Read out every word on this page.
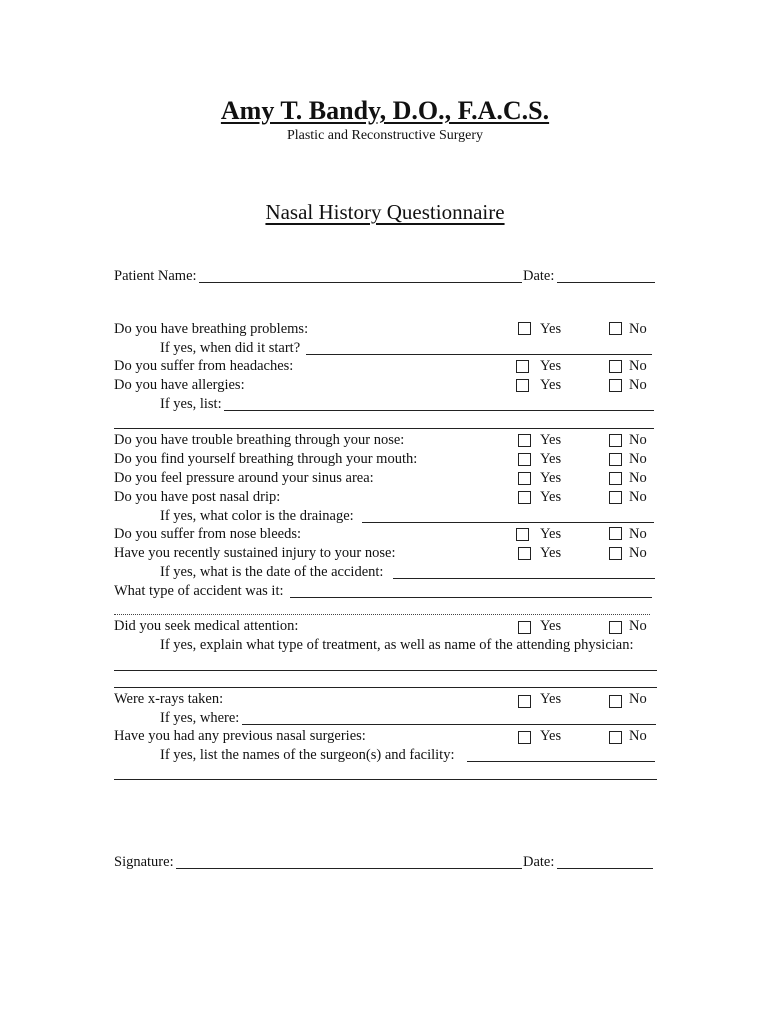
Amy T. Bandy, D.O., F.A.C.S.
Plastic and Reconstructive Surgery
Nasal History Questionnaire
Patient Name:	Date:
Do you have breathing problems:	Yes	No
If yes, when did it start?
Do you suffer from headaches:	Yes	No
Do you have allergies:	Yes	No
If yes, list:
Do you have trouble breathing through your nose:	Yes	No
Do you find yourself breathing through your mouth:	Yes	No
Do you feel pressure around your sinus area:	Yes	No
Do you have post nasal drip:	Yes	No
If yes, what color is the drainage:
Do you suffer from nose bleeds:	Yes	No
Have you recently sustained injury to your nose:	Yes	No
If yes, what is the date of the accident:
What type of accident was it:
Did you seek medical attention:	Yes	No
If yes, explain what type of treatment, as well as name of the attending physician:
Were x-rays taken:	Yes	No
If yes, where:
Have you had any previous nasal surgeries:	Yes	No
If yes, list the names of the surgeon(s) and facility:
Signature:	Date:
